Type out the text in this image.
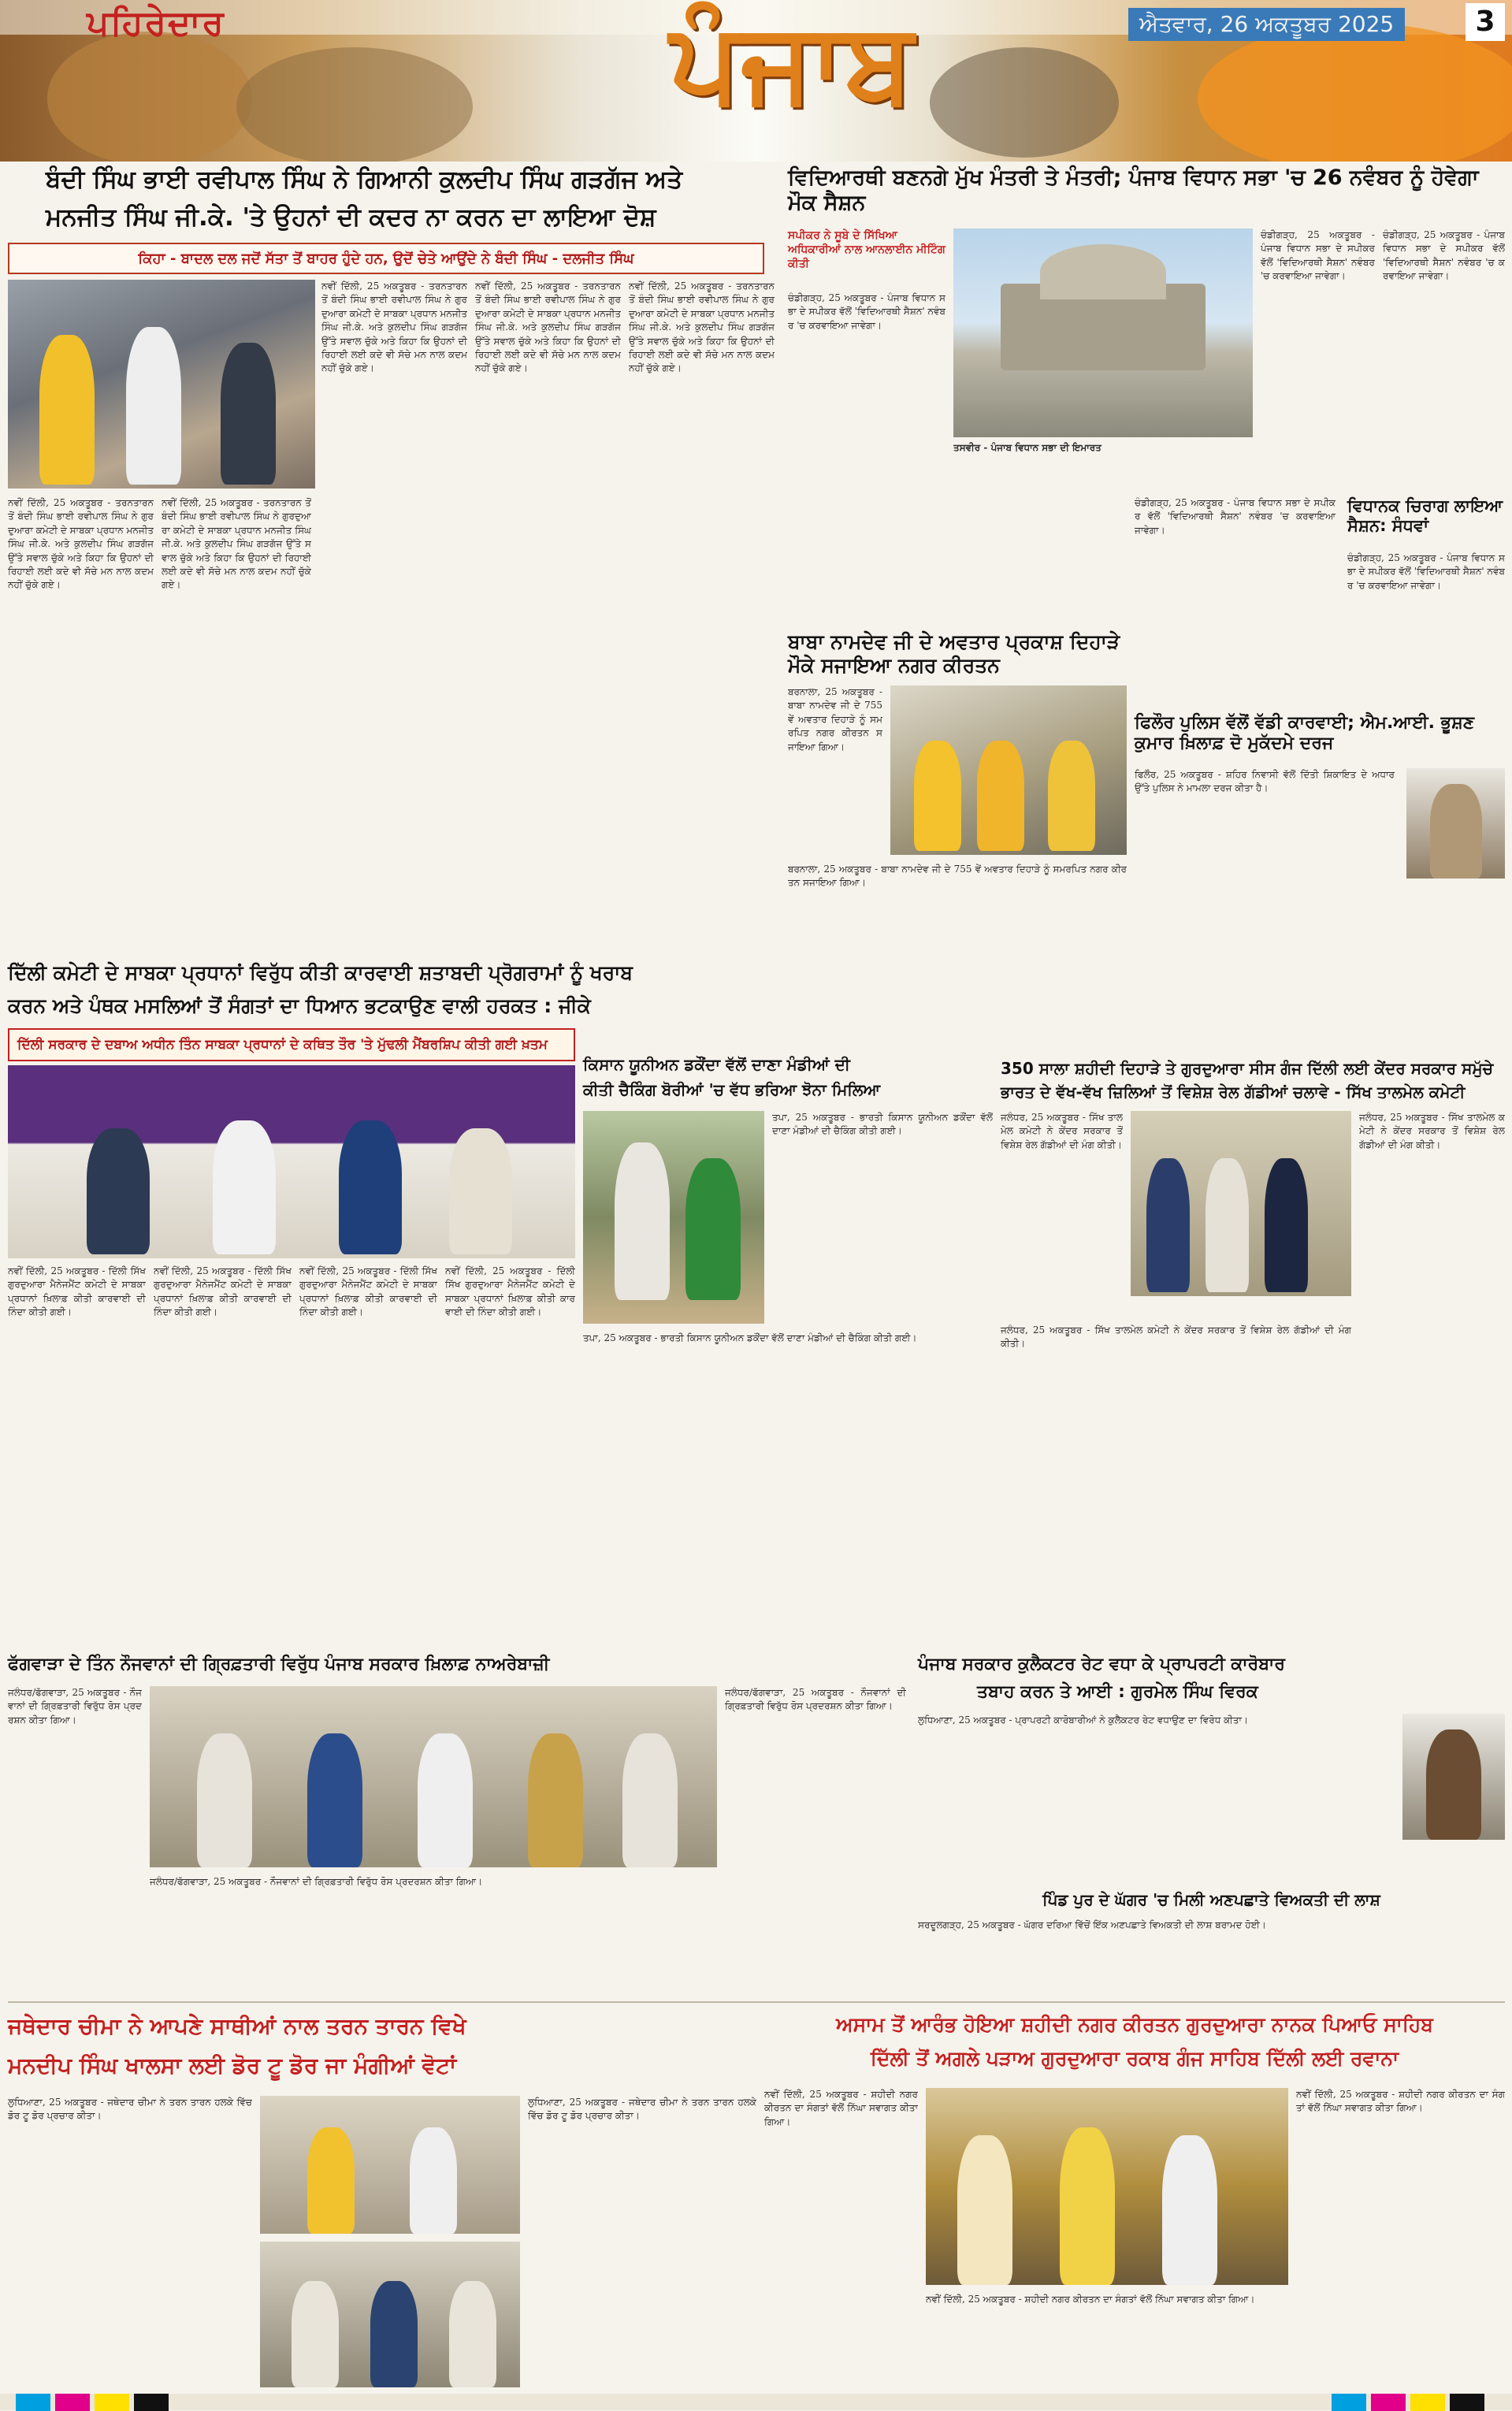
ਪਹਿਰੇਦਾਰ	ਪੰਜਾਬ	ਐਤਵਾਰ, 26 ਅਕਤੂਬਰ 2025	3
ਬੰਦੀ ਸਿੰਘ ਭਾਈ ਰਵੀਪਾਲ ਸਿੰਘ ਨੇ ਗਿਆਨੀ ਕੁਲਦੀਪ ਸਿੰਘ ਗੜਗੱਜ ਅਤੇ
ਮਨਜੀਤ ਸਿੰਘ ਜੀ.ਕੇ. 'ਤੇ ਉਹਨਾਂ ਦੀ ਕਦਰ ਨਾ ਕਰਨ ਦਾ ਲਾਇਆ ਦੋਸ਼
ਕਿਹਾ - ਬਾਦਲ ਦਲ ਜਦੋਂ ਸੱਤਾ ਤੋਂ ਬਾਹਰ ਹੁੰਦੇ ਹਨ, ਉਦੋਂ ਚੇਤੇ ਆਉਂਦੇ ਨੇ ਬੰਦੀ ਸਿੰਘ - ਦਲਜੀਤ ਸਿੰਘ
ਨਵੀਂ ਦਿੱਲੀ, 25 ਅਕਤੂਬਰ - ਤਰਨਤਾਰਨ ਤੋਂ ਬੰਦੀ ਸਿੰਘ ਭਾਈ ਰਵੀਪਾਲ ਸਿੰਘ ਨੇ ਗੁਰਦੁਆਰਾ ਕਮੇਟੀ ਦੇ ਸਾਬਕਾ ਪ੍ਰਧਾਨ ਮਨਜੀਤ ਸਿੰਘ ਜੀ.ਕੇ. ਅਤੇ ਕੁਲਦੀਪ ਸਿੰਘ ਗੜਗੱਜ ਉੱਤੇ ਸਵਾਲ ਚੁੱਕੇ ਅਤੇ ਕਿਹਾ ਕਿ ਉਹਨਾਂ ਦੀ ਰਿਹਾਈ ਲਈ ਕਦੇ ਵੀ ਸੱਚੇ ਮਨ ਨਾਲ ਕਦਮ ਨਹੀਂ ਚੁੱਕੇ ਗਏ।
ਨਵੀਂ ਦਿੱਲੀ, 25 ਅਕਤੂਬਰ - ਤਰਨਤਾਰਨ ਤੋਂ ਬੰਦੀ ਸਿੰਘ ਭਾਈ ਰਵੀਪਾਲ ਸਿੰਘ ਨੇ ਗੁਰਦੁਆਰਾ ਕਮੇਟੀ ਦੇ ਸਾਬਕਾ ਪ੍ਰਧਾਨ ਮਨਜੀਤ ਸਿੰਘ ਜੀ.ਕੇ. ਅਤੇ ਕੁਲਦੀਪ ਸਿੰਘ ਗੜਗੱਜ ਉੱਤੇ ਸਵਾਲ ਚੁੱਕੇ ਅਤੇ ਕਿਹਾ ਕਿ ਉਹਨਾਂ ਦੀ ਰਿਹਾਈ ਲਈ ਕਦੇ ਵੀ ਸੱਚੇ ਮਨ ਨਾਲ ਕਦਮ ਨਹੀਂ ਚੁੱਕੇ ਗਏ।
ਨਵੀਂ ਦਿੱਲੀ, 25 ਅਕਤੂਬਰ - ਤਰਨਤਾਰਨ ਤੋਂ ਬੰਦੀ ਸਿੰਘ ਭਾਈ ਰਵੀਪਾਲ ਸਿੰਘ ਨੇ ਗੁਰਦੁਆਰਾ ਕਮੇਟੀ ਦੇ ਸਾਬਕਾ ਪ੍ਰਧਾਨ ਮਨਜੀਤ ਸਿੰਘ ਜੀ.ਕੇ. ਅਤੇ ਕੁਲਦੀਪ ਸਿੰਘ ਗੜਗੱਜ ਉੱਤੇ ਸਵਾਲ ਚੁੱਕੇ ਅਤੇ ਕਿਹਾ ਕਿ ਉਹਨਾਂ ਦੀ ਰਿਹਾਈ ਲਈ ਕਦੇ ਵੀ ਸੱਚੇ ਮਨ ਨਾਲ ਕਦਮ ਨਹੀਂ ਚੁੱਕੇ ਗਏ।
ਨਵੀਂ ਦਿੱਲੀ, 25 ਅਕਤੂਬਰ - ਤਰਨਤਾਰਨ ਤੋਂ ਬੰਦੀ ਸਿੰਘ ਭਾਈ ਰਵੀਪਾਲ ਸਿੰਘ ਨੇ ਗੁਰਦੁਆਰਾ ਕਮੇਟੀ ਦੇ ਸਾਬਕਾ ਪ੍ਰਧਾਨ ਮਨਜੀਤ ਸਿੰਘ ਜੀ.ਕੇ. ਅਤੇ ਕੁਲਦੀਪ ਸਿੰਘ ਗੜਗੱਜ ਉੱਤੇ ਸਵਾਲ ਚੁੱਕੇ ਅਤੇ ਕਿਹਾ ਕਿ ਉਹਨਾਂ ਦੀ ਰਿਹਾਈ ਲਈ ਕਦੇ ਵੀ ਸੱਚੇ ਮਨ ਨਾਲ ਕਦਮ ਨਹੀਂ ਚੁੱਕੇ ਗਏ।
ਨਵੀਂ ਦਿੱਲੀ, 25 ਅਕਤੂਬਰ - ਤਰਨਤਾਰਨ ਤੋਂ ਬੰਦੀ ਸਿੰਘ ਭਾਈ ਰਵੀਪਾਲ ਸਿੰਘ ਨੇ ਗੁਰਦੁਆਰਾ ਕਮੇਟੀ ਦੇ ਸਾਬਕਾ ਪ੍ਰਧਾਨ ਮਨਜੀਤ ਸਿੰਘ ਜੀ.ਕੇ. ਅਤੇ ਕੁਲਦੀਪ ਸਿੰਘ ਗੜਗੱਜ ਉੱਤੇ ਸਵਾਲ ਚੁੱਕੇ ਅਤੇ ਕਿਹਾ ਕਿ ਉਹਨਾਂ ਦੀ ਰਿਹਾਈ ਲਈ ਕਦੇ ਵੀ ਸੱਚੇ ਮਨ ਨਾਲ ਕਦਮ ਨਹੀਂ ਚੁੱਕੇ ਗਏ।
ਵਿਦਿਆਰਥੀ ਬਣਨਗੇ ਮੁੱਖ ਮੰਤਰੀ ਤੇ ਮੰਤਰੀ; ਪੰਜਾਬ ਵਿਧਾਨ ਸਭਾ 'ਚ 26 ਨਵੰਬਰ ਨੂੰ ਹੋਵੇਗਾ ਮੌਕ ਸੈਸ਼ਨ
ਸਪੀਕਰ ਨੇ ਸੂਬੇ ਦੇ ਸਿੱਖਿਆ ਅਧਿਕਾਰੀਆਂ ਨਾਲ ਆਨਲਾਈਨ ਮੀਟਿੰਗ ਕੀਤੀ
ਚੰਡੀਗੜ੍ਹ, 25 ਅਕਤੂਬਰ - ਪੰਜਾਬ ਵਿਧਾਨ ਸਭਾ ਦੇ ਸਪੀਕਰ ਵੱਲੋਂ 'ਵਿਦਿਆਰਥੀ ਸੈਸ਼ਨ' ਨਵੰਬਰ 'ਚ ਕਰਵਾਇਆ ਜਾਵੇਗਾ।
ਤਸਵੀਰ - ਪੰਜਾਬ ਵਿਧਾਨ ਸਭਾ ਦੀ ਇਮਾਰਤ
ਚੰਡੀਗੜ੍ਹ, 25 ਅਕਤੂਬਰ - ਪੰਜਾਬ ਵਿਧਾਨ ਸਭਾ ਦੇ ਸਪੀਕਰ ਵੱਲੋਂ 'ਵਿਦਿਆਰਥੀ ਸੈਸ਼ਨ' ਨਵੰਬਰ 'ਚ ਕਰਵਾਇਆ ਜਾਵੇਗਾ।
ਚੰਡੀਗੜ੍ਹ, 25 ਅਕਤੂਬਰ - ਪੰਜਾਬ ਵਿਧਾਨ ਸਭਾ ਦੇ ਸਪੀਕਰ ਵੱਲੋਂ 'ਵਿਦਿਆਰਥੀ ਸੈਸ਼ਨ' ਨਵੰਬਰ 'ਚ ਕਰਵਾਇਆ ਜਾਵੇਗਾ।
ਚੰਡੀਗੜ੍ਹ, 25 ਅਕਤੂਬਰ - ਪੰਜਾਬ ਵਿਧਾਨ ਸਭਾ ਦੇ ਸਪੀਕਰ ਵੱਲੋਂ 'ਵਿਦਿਆਰਥੀ ਸੈਸ਼ਨ' ਨਵੰਬਰ 'ਚ ਕਰਵਾਇਆ ਜਾਵੇਗਾ।
ਵਿਧਾਨਕ ਚਿਰਾਗ ਲਾਇਆ ਸੈਸ਼ਨ: ਸੰਧਵਾਂ
ਚੰਡੀਗੜ੍ਹ, 25 ਅਕਤੂਬਰ - ਪੰਜਾਬ ਵਿਧਾਨ ਸਭਾ ਦੇ ਸਪੀਕਰ ਵੱਲੋਂ 'ਵਿਦਿਆਰਥੀ ਸੈਸ਼ਨ' ਨਵੰਬਰ 'ਚ ਕਰਵਾਇਆ ਜਾਵੇਗਾ।
ਬਾਬਾ ਨਾਮਦੇਵ ਜੀ ਦੇ ਅਵਤਾਰ ਪ੍ਰਕਾਸ਼ ਦਿਹਾੜੇ ਮੌਕੇ ਸਜਾਇਆ ਨਗਰ ਕੀਰਤਨ
ਬਰਨਾਲਾ, 25 ਅਕਤੂਬਰ - ਬਾਬਾ ਨਾਮਦੇਵ ਜੀ ਦੇ 755 ਵੇਂ ਅਵਤਾਰ ਦਿਹਾੜੇ ਨੂੰ ਸਮਰਪਿਤ ਨਗਰ ਕੀਰਤਨ ਸਜਾਇਆ ਗਿਆ।
ਬਰਨਾਲਾ, 25 ਅਕਤੂਬਰ - ਬਾਬਾ ਨਾਮਦੇਵ ਜੀ ਦੇ 755 ਵੇਂ ਅਵਤਾਰ ਦਿਹਾੜੇ ਨੂੰ ਸਮਰਪਿਤ ਨਗਰ ਕੀਰਤਨ ਸਜਾਇਆ ਗਿਆ।
ਫਿਲੌਰ ਪੁਲਿਸ ਵੱਲੋਂ ਵੱਡੀ ਕਾਰਵਾਈ; ਐਮ.ਆਈ. ਭੂਸ਼ਣ ਕੁਮਾਰ ਖ਼ਿਲਾਫ਼ ਦੋ ਮੁਕੱਦਮੇ ਦਰਜ
ਫਿਲੌਰ, 25 ਅਕਤੂਬਰ - ਸ਼ਹਿਰ ਨਿਵਾਸੀ ਵੱਲੋਂ ਦਿੱਤੀ ਸ਼ਿਕਾਇਤ ਦੇ ਅਧਾਰ ਉੱਤੇ ਪੁਲਿਸ ਨੇ ਮਾਮਲਾ ਦਰਜ ਕੀਤਾ ਹੈ।
ਦਿੱਲੀ ਕਮੇਟੀ ਦੇ ਸਾਬਕਾ ਪ੍ਰਧਾਨਾਂ ਵਿਰੁੱਧ ਕੀਤੀ ਕਾਰਵਾਈ ਸ਼ਤਾਬਦੀ ਪ੍ਰੋਗਰਾਮਾਂ ਨੂੰ ਖਰਾਬ
ਕਰਨ ਅਤੇ ਪੰਥਕ ਮਸਲਿਆਂ ਤੋਂ ਸੰਗਤਾਂ ਦਾ ਧਿਆਨ ਭਟਕਾਉਣ ਵਾਲੀ ਹਰਕਤ : ਜੀਕੇ
ਦਿੱਲੀ ਸਰਕਾਰ ਦੇ ਦਬਾਅ ਅਧੀਨ ਤਿੰਨ ਸਾਬਕਾ ਪ੍ਰਧਾਨਾਂ ਦੇ ਕਥਿਤ ਤੌਰ 'ਤੇ ਮੁੱਢਲੀ ਮੈਂਬਰਸ਼ਿਪ ਕੀਤੀ ਗਈ ਖ਼ਤਮ
ਨਵੀਂ ਦਿੱਲੀ, 25 ਅਕਤੂਬਰ - ਦਿੱਲੀ ਸਿੱਖ ਗੁਰਦੁਆਰਾ ਮੈਨੇਜਮੈਂਟ ਕਮੇਟੀ ਦੇ ਸਾਬਕਾ ਪ੍ਰਧਾਨਾਂ ਖ਼ਿਲਾਫ਼ ਕੀਤੀ ਕਾਰਵਾਈ ਦੀ ਨਿੰਦਾ ਕੀਤੀ ਗਈ।
ਨਵੀਂ ਦਿੱਲੀ, 25 ਅਕਤੂਬਰ - ਦਿੱਲੀ ਸਿੱਖ ਗੁਰਦੁਆਰਾ ਮੈਨੇਜਮੈਂਟ ਕਮੇਟੀ ਦੇ ਸਾਬਕਾ ਪ੍ਰਧਾਨਾਂ ਖ਼ਿਲਾਫ਼ ਕੀਤੀ ਕਾਰਵਾਈ ਦੀ ਨਿੰਦਾ ਕੀਤੀ ਗਈ।
ਨਵੀਂ ਦਿੱਲੀ, 25 ਅਕਤੂਬਰ - ਦਿੱਲੀ ਸਿੱਖ ਗੁਰਦੁਆਰਾ ਮੈਨੇਜਮੈਂਟ ਕਮੇਟੀ ਦੇ ਸਾਬਕਾ ਪ੍ਰਧਾਨਾਂ ਖ਼ਿਲਾਫ਼ ਕੀਤੀ ਕਾਰਵਾਈ ਦੀ ਨਿੰਦਾ ਕੀਤੀ ਗਈ।
ਨਵੀਂ ਦਿੱਲੀ, 25 ਅਕਤੂਬਰ - ਦਿੱਲੀ ਸਿੱਖ ਗੁਰਦੁਆਰਾ ਮੈਨੇਜਮੈਂਟ ਕਮੇਟੀ ਦੇ ਸਾਬਕਾ ਪ੍ਰਧਾਨਾਂ ਖ਼ਿਲਾਫ਼ ਕੀਤੀ ਕਾਰਵਾਈ ਦੀ ਨਿੰਦਾ ਕੀਤੀ ਗਈ।
ਕਿਸਾਨ ਯੂਨੀਅਨ ਡਕੌਂਦਾ ਵੱਲੋਂ ਦਾਣਾ ਮੰਡੀਆਂ ਦੀ
ਕੀਤੀ ਚੈਕਿੰਗ ਬੋਰੀਆਂ 'ਚ ਵੱਧ ਭਰਿਆ ਝੋਨਾ ਮਿਲਿਆ
ਤਪਾ, 25 ਅਕਤੂਬਰ - ਭਾਰਤੀ ਕਿਸਾਨ ਯੂਨੀਅਨ ਡਕੌਂਦਾ ਵੱਲੋਂ ਦਾਣਾ ਮੰਡੀਆਂ ਦੀ ਚੈਕਿੰਗ ਕੀਤੀ ਗਈ।
ਤਪਾ, 25 ਅਕਤੂਬਰ - ਭਾਰਤੀ ਕਿਸਾਨ ਯੂਨੀਅਨ ਡਕੌਂਦਾ ਵੱਲੋਂ ਦਾਣਾ ਮੰਡੀਆਂ ਦੀ ਚੈਕਿੰਗ ਕੀਤੀ ਗਈ।
350 ਸਾਲਾ ਸ਼ਹੀਦੀ ਦਿਹਾੜੇ ਤੇ ਗੁਰਦੁਆਰਾ ਸੀਸ ਗੰਜ ਦਿੱਲੀ ਲਈ ਕੇਂਦਰ ਸਰਕਾਰ ਸਮੁੱਚੇ
ਭਾਰਤ ਦੇ ਵੱਖ-ਵੱਖ ਜ਼ਿਲਿਆਂ ਤੋਂ ਵਿਸ਼ੇਸ਼ ਰੇਲ ਗੱਡੀਆਂ ਚਲਾਵੇ - ਸਿੱਖ ਤਾਲਮੇਲ ਕਮੇਟੀ
ਜਲੰਧਰ, 25 ਅਕਤੂਬਰ - ਸਿੱਖ ਤਾਲਮੇਲ ਕਮੇਟੀ ਨੇ ਕੇਂਦਰ ਸਰਕਾਰ ਤੋਂ ਵਿਸ਼ੇਸ਼ ਰੇਲ ਗੱਡੀਆਂ ਦੀ ਮੰਗ ਕੀਤੀ।
ਜਲੰਧਰ, 25 ਅਕਤੂਬਰ - ਸਿੱਖ ਤਾਲਮੇਲ ਕਮੇਟੀ ਨੇ ਕੇਂਦਰ ਸਰਕਾਰ ਤੋਂ ਵਿਸ਼ੇਸ਼ ਰੇਲ ਗੱਡੀਆਂ ਦੀ ਮੰਗ ਕੀਤੀ।
ਜਲੰਧਰ, 25 ਅਕਤੂਬਰ - ਸਿੱਖ ਤਾਲਮੇਲ ਕਮੇਟੀ ਨੇ ਕੇਂਦਰ ਸਰਕਾਰ ਤੋਂ ਵਿਸ਼ੇਸ਼ ਰੇਲ ਗੱਡੀਆਂ ਦੀ ਮੰਗ ਕੀਤੀ।
ਫੱਗਵਾੜਾ ਦੇ ਤਿੰਨ ਨੌਜਵਾਨਾਂ ਦੀ ਗ੍ਰਿਫ਼ਤਾਰੀ ਵਿਰੁੱਧ ਪੰਜਾਬ ਸਰਕਾਰ ਖ਼ਿਲਾਫ਼ ਨਾਅਰੇਬਾਜ਼ੀ
ਜਲੰਧਰ/ਫੱਗਵਾੜਾ, 25 ਅਕਤੂਬਰ - ਨੌਜਵਾਨਾਂ ਦੀ ਗ੍ਰਿਫ਼ਤਾਰੀ ਵਿਰੁੱਧ ਰੋਸ ਪ੍ਰਦਰਸ਼ਨ ਕੀਤਾ ਗਿਆ।
ਜਲੰਧਰ/ਫੱਗਵਾੜਾ, 25 ਅਕਤੂਬਰ - ਨੌਜਵਾਨਾਂ ਦੀ ਗ੍ਰਿਫ਼ਤਾਰੀ ਵਿਰੁੱਧ ਰੋਸ ਪ੍ਰਦਰਸ਼ਨ ਕੀਤਾ ਗਿਆ।
ਜਲੰਧਰ/ਫੱਗਵਾੜਾ, 25 ਅਕਤੂਬਰ - ਨੌਜਵਾਨਾਂ ਦੀ ਗ੍ਰਿਫ਼ਤਾਰੀ ਵਿਰੁੱਧ ਰੋਸ ਪ੍ਰਦਰਸ਼ਨ ਕੀਤਾ ਗਿਆ।
ਪੰਜਾਬ ਸਰਕਾਰ ਕੁਲੈਕਟਰ ਰੇਟ ਵਧਾ ਕੇ ਪ੍ਰਾਪਰਟੀ ਕਾਰੋਬਾਰ
ਤਬਾਹ ਕਰਨ ਤੇ ਆਈ : ਗੁਰਮੇਲ ਸਿੰਘ ਵਿਰਕ
ਲੁਧਿਆਣਾ, 25 ਅਕਤੂਬਰ - ਪ੍ਰਾਪਰਟੀ ਕਾਰੋਬਾਰੀਆਂ ਨੇ ਕੁਲੈਕਟਰ ਰੇਟ ਵਧਾਉਣ ਦਾ ਵਿਰੋਧ ਕੀਤਾ।
ਪਿੰਡ ਪੁਰ ਦੇ ਘੱਗਰ 'ਚ ਮਿਲੀ ਅਣਪਛਾਤੇ ਵਿਅਕਤੀ ਦੀ ਲਾਸ਼
ਸਰਦੂਲਗੜ੍ਹ, 25 ਅਕਤੂਬਰ - ਘੱਗਰ ਦਰਿਆ ਵਿੱਚੋਂ ਇੱਕ ਅਣਪਛਾਤੇ ਵਿਅਕਤੀ ਦੀ ਲਾਸ਼ ਬਰਾਮਦ ਹੋਈ।
ਜਥੇਦਾਰ ਚੀਮਾ ਨੇ ਆਪਣੇ ਸਾਥੀਆਂ ਨਾਲ ਤਰਨ ਤਾਰਨ ਵਿਖੇ
ਮਨਦੀਪ ਸਿੰਘ ਖਾਲਸਾ ਲਈ ਡੋਰ ਟੂ ਡੋਰ ਜਾ ਮੰਗੀਆਂ ਵੋਟਾਂ
ਲੁਧਿਆਣਾ, 25 ਅਕਤੂਬਰ - ਜਥੇਦਾਰ ਚੀਮਾ ਨੇ ਤਰਨ ਤਾਰਨ ਹਲਕੇ ਵਿੱਚ ਡੋਰ ਟੂ ਡੋਰ ਪ੍ਰਚਾਰ ਕੀਤਾ।
ਲੁਧਿਆਣਾ, 25 ਅਕਤੂਬਰ - ਜਥੇਦਾਰ ਚੀਮਾ ਨੇ ਤਰਨ ਤਾਰਨ ਹਲਕੇ ਵਿੱਚ ਡੋਰ ਟੂ ਡੋਰ ਪ੍ਰਚਾਰ ਕੀਤਾ।
ਅਸਾਮ ਤੋਂ ਆਰੰਭ ਹੋਇਆ ਸ਼ਹੀਦੀ ਨਗਰ ਕੀਰਤਨ ਗੁਰਦੁਆਰਾ ਨਾਨਕ ਪਿਆਓ ਸਾਹਿਬ
ਦਿੱਲੀ ਤੋਂ ਅਗਲੇ ਪੜਾਅ ਗੁਰਦੁਆਰਾ ਰਕਾਬ ਗੰਜ ਸਾਹਿਬ ਦਿੱਲੀ ਲਈ ਰਵਾਨਾ
ਨਵੀਂ ਦਿੱਲੀ, 25 ਅਕਤੂਬਰ - ਸ਼ਹੀਦੀ ਨਗਰ ਕੀਰਤਨ ਦਾ ਸੰਗਤਾਂ ਵੱਲੋਂ ਨਿੱਘਾ ਸਵਾਗਤ ਕੀਤਾ ਗਿਆ।
ਨਵੀਂ ਦਿੱਲੀ, 25 ਅਕਤੂਬਰ - ਸ਼ਹੀਦੀ ਨਗਰ ਕੀਰਤਨ ਦਾ ਸੰਗਤਾਂ ਵੱਲੋਂ ਨਿੱਘਾ ਸਵਾਗਤ ਕੀਤਾ ਗਿਆ।
ਨਵੀਂ ਦਿੱਲੀ, 25 ਅਕਤੂਬਰ - ਸ਼ਹੀਦੀ ਨਗਰ ਕੀਰਤਨ ਦਾ ਸੰਗਤਾਂ ਵੱਲੋਂ ਨਿੱਘਾ ਸਵਾਗਤ ਕੀਤਾ ਗਿਆ।
